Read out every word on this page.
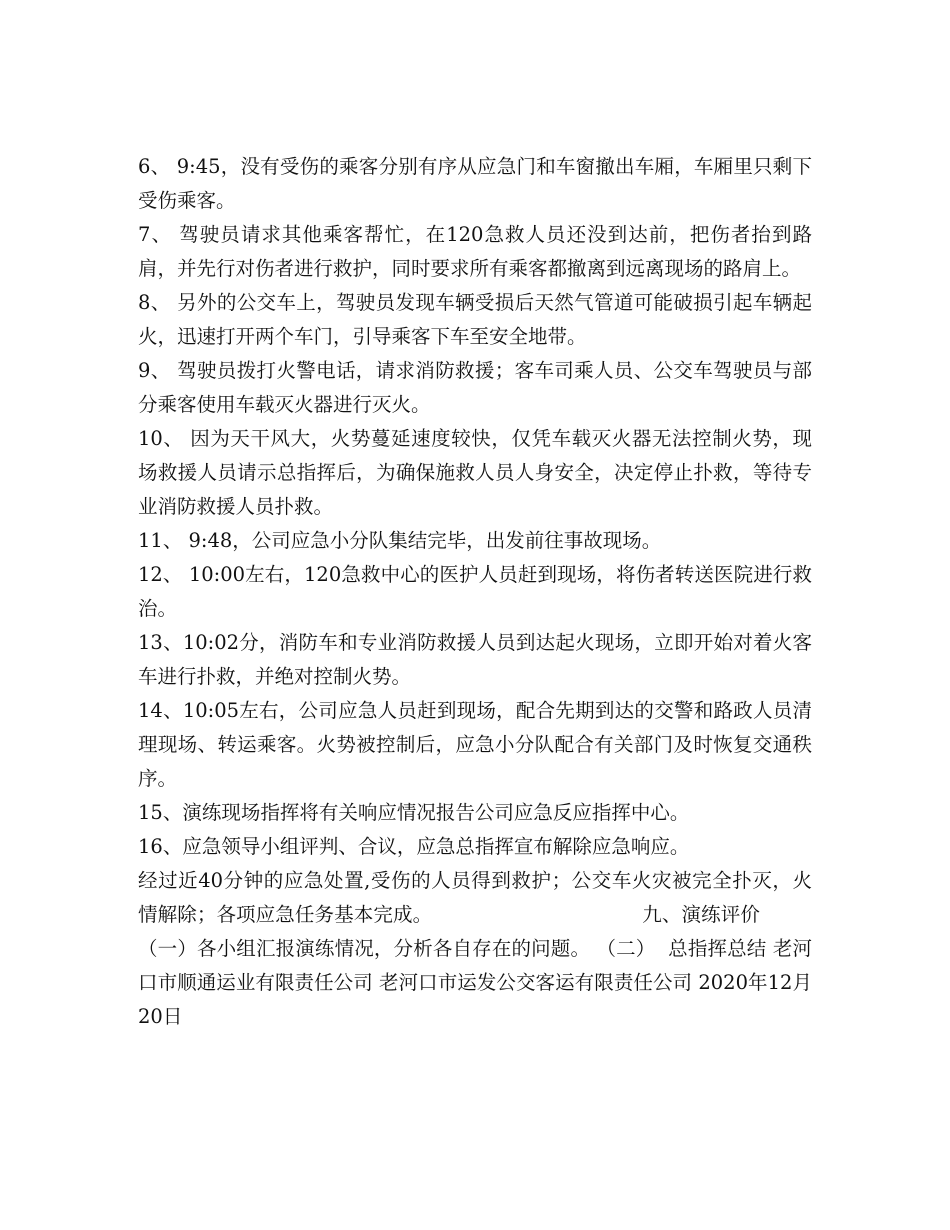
6、 9:45，没有受伤的乘客分别有序从应急门和车窗撤出车厢，车厢里只剩下受伤乘客。

7、 驾驶员请求其他乘客帮忙，在120急救人员还没到达前，把伤者抬到路肩，并先行对伤者进行救护，同时要求所有乘客都撤离到远离现场的路肩上。

8、 另外的公交车上，驾驶员发现车辆受损后天然气管道可能破损引起车辆起火，迅速打开两个车门，引导乘客下车至安全地带。

9、 驾驶员拨打火警电话，请求消防救援；客车司乘人员、公交车驾驶员与部分乘客使用车载灭火器进行灭火。

10、 因为天干风大，火势蔓延速度较快，仅凭车载灭火器无法控制火势，现场救援人员请示总指挥后，为确保施救人员人身安全，决定停止扑救，等待专业消防救援人员扑救。

11、 9:48，公司应急小分队集结完毕，出发前往事故现场。

12、 10:00左右，120急救中心的医护人员赶到现场，将伤者转送医院进行救治。

13、10:02分，消防车和专业消防救援人员到达起火现场，立即开始对着火客车进行扑救，并绝对控制火势。

14、10:05左右，公司应急人员赶到现场，配合先期到达的交警和路政人员清理现场、转运乘客。火势被控制后，应急小分队配合有关部门及时恢复交通秩序。

15、演练现场指挥将有关响应情况报告公司应急反应指挥中心。

16、应急领导小组评判、合议，应急总指挥宣布解除应急响应。

经过近40分钟的应急处置,受伤的人员得到救护；公交车火灾被完全扑灭，火情解除；各项应急任务基本完成。	九、演练评价（一）各小组汇报演练情况，分析各自存在的问题。 （二）  总指挥总结 老河口市顺通运业有限责任公司 老河口市运发公交客运有限责任公司 2020年12月20日
